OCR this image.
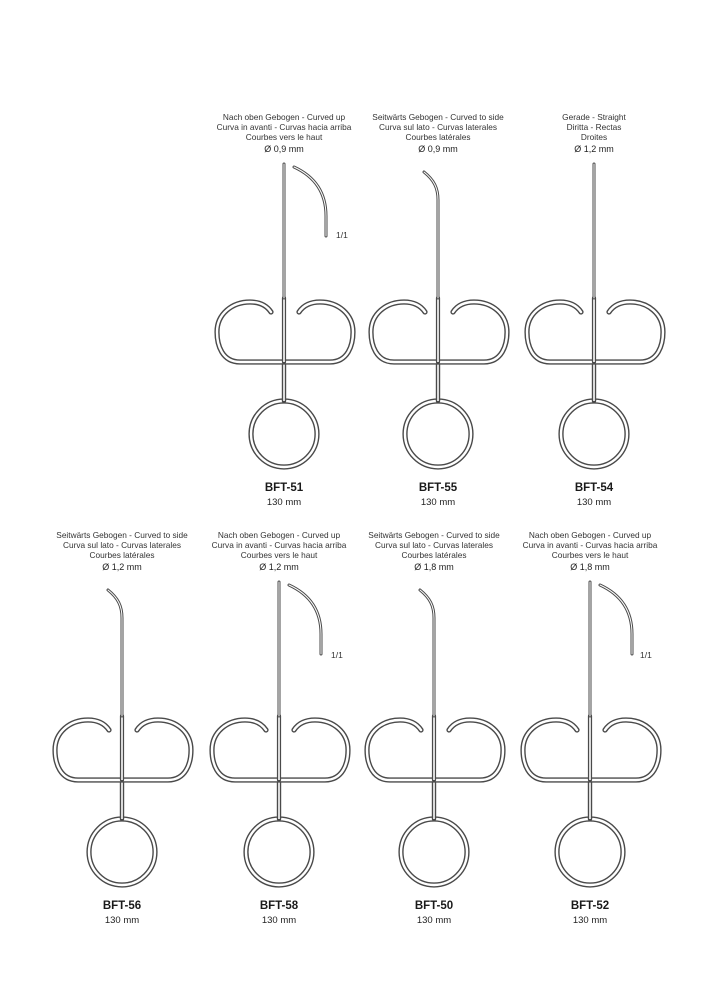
Nach oben Gebogen - Curved up
Curva in avanti - Curvas hacia arriba
Courbes vers le haut
Ø 0,9 mm
1/1
BFT-51
130 mm
Seitwärts Gebogen - Curved to side
Curva sul lato - Curvas laterales
Courbes latérales
Ø 0,9 mm
BFT-55
130 mm
Gerade - Straight
Diritta - Rectas
Droites
Ø 1,2 mm
BFT-54
130 mm
Seitwärts Gebogen - Curved to side
Curva sul lato - Curvas laterales
Courbes latérales
Ø 1,2 mm
BFT-56
130 mm
Nach oben Gebogen - Curved up
Curva in avanti - Curvas hacia arriba
Courbes vers le haut
Ø 1,2 mm
1/1
BFT-58
130 mm
Seitwärts Gebogen - Curved to side
Curva sul lato - Curvas laterales
Courbes latérales
Ø 1,8 mm
BFT-50
130 mm
Nach oben Gebogen - Curved up
Curva in avanti - Curvas hacia arriba
Courbes vers le haut
Ø 1,8 mm
1/1
BFT-52
130 mm
